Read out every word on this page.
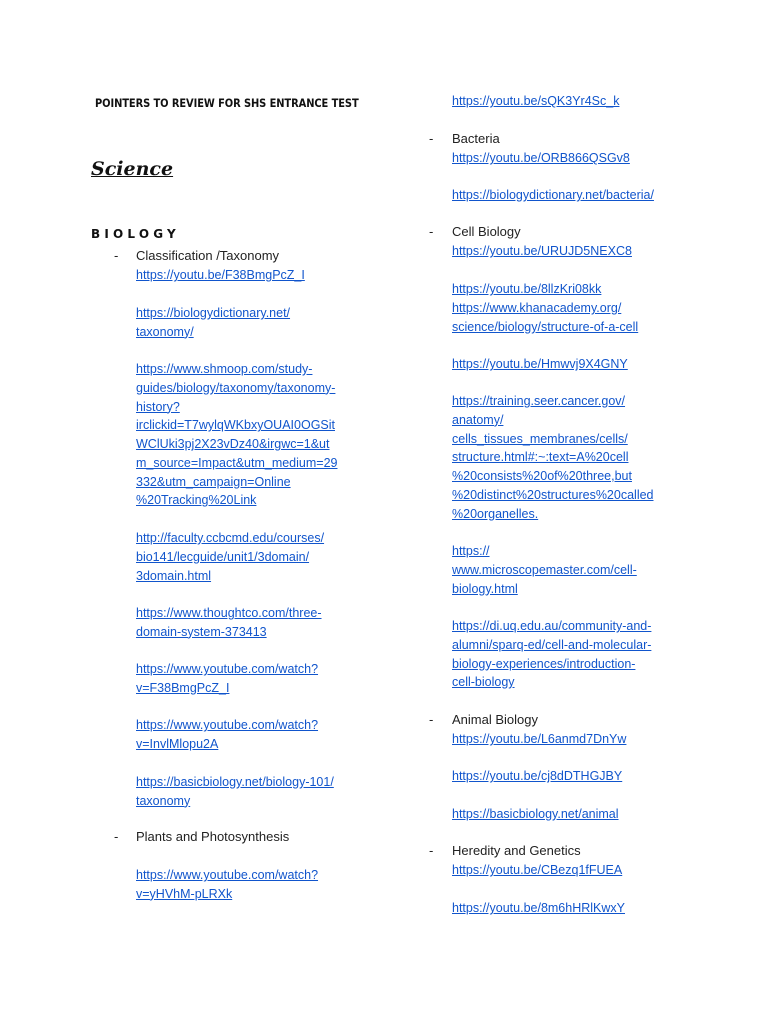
POINTERS TO REVIEW FOR SHS ENTRANCE TEST
Science
BIOLOGY
- Classification /Taxonomy
https://youtu.be/F38BmgPcZ_I
https://biologydictionary.net/
taxonomy/
https://www.shmoop.com/study-
guides/biology/taxonomy/taxonomy-
history?
irclickid=T7wylqWKbxyOUAI0OGSit
WClUki3pj2X23vDz40&irgwc=1&ut
m_source=Impact&utm_medium=29
332&utm_campaign=Online
%20Tracking%20Link
http://faculty.ccbcmd.edu/courses/
bio141/lecguide/unit1/3domain/
3domain.html
https://www.thoughtco.com/three-
domain-system-373413
https://www.youtube.com/watch?
v=F38BmgPcZ_I
https://www.youtube.com/watch?
v=InvlMlopu2A
https://basicbiology.net/biology-101/
taxonomy
- Plants and Photosynthesis
https://www.youtube.com/watch?
v=yHVhM-pLRXk
https://youtu.be/sQK3Yr4Sc_k
- Bacteria
https://youtu.be/ORB866QSGv8
https://biologydictionary.net/bacteria/
- Cell Biology
https://youtu.be/URUJD5NEXC8
https://youtu.be/8llzKri08kk
https://www.khanacademy.org/
science/biology/structure-of-a-cell
https://youtu.be/Hmwvj9X4GNY
https://training.seer.cancer.gov/
anatomy/
cells_tissues_membranes/cells/
structure.html#:~:text=A%20cell
%20consists%20of%20three,but
%20distinct%20structures%20called
%20organelles.
https://
www.microscopemaster.com/cell-
biology.html
https://di.uq.edu.au/community-and-
alumni/sparq-ed/cell-and-molecular-
biology-experiences/introduction-
cell-biology
- Animal Biology
https://youtu.be/L6anmd7DnYw
https://youtu.be/cj8dDTHGJBY
https://basicbiology.net/animal
- Heredity and Genetics
https://youtu.be/CBezq1fFUEA
https://youtu.be/8m6hHRlKwxY
